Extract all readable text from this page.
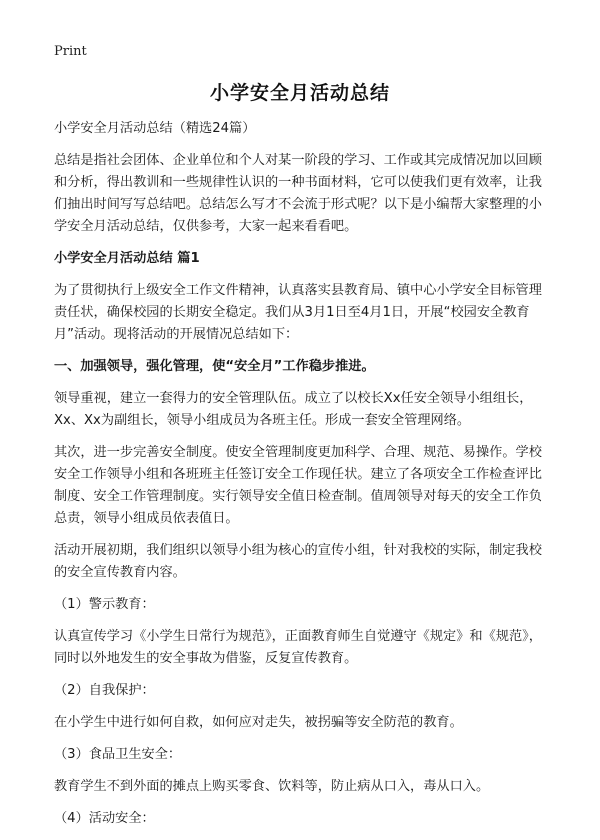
Print
小学安全月活动总结

小学安全月活动总结（精选24篇）

总结是指社会团体、企业单位和个人对某一阶段的学习、工作或其完成情况加以回顾和分析，得出教训和一些规律性认识的一种书面材料，它可以使我们更有效率，让我们抽出时间写写总结吧。总结怎么写才不会流于形式呢？以下是小编帮大家整理的小学安全月活动总结，仅供参考，大家一起来看看吧。

小学安全月活动总结 篇1

为了贯彻执行上级安全工作文件精神，认真落实县教育局、镇中心小学安全目标管理责任状，确保校园的长期安全稳定。我们从3月1日至4月1日，开展“校园安全教育月”活动。现将活动的开展情况总结如下：

一、加强领导，强化管理，使“安全月”工作稳步推进。

领导重视，建立一套得力的安全管理队伍。成立了以校长Xx任安全领导小组组长，Xx、Xx为副组长，领导小组成员为各班主任。形成一套安全管理网络。

其次，进一步完善安全制度。使安全管理制度更加科学、合理、规范、易操作。学校安全工作领导小组和各班班主任签订安全工作现任状。建立了各项安全工作检查评比制度、安全工作管理制度。实行领导安全值日检查制。值周领导对每天的安全工作负总责，领导小组成员依表值日。

活动开展初期，我们组织以领导小组为核心的宣传小组，针对我校的实际，制定我校的安全宣传教育内容。

（1）警示教育：

认真宣传学习《小学生日常行为规范》，正面教育师生自觉遵守《规定》和《规范》，同时以外地发生的安全事故为借鉴，反复宣传教育。

（2）自我保护：

在小学生中进行如何自救，如何应对走失，被拐骗等安全防范的教育。

（3）食品卫生安全：

教育学生不到外面的摊点上购买零食、饮料等，防止病从口入，毒从口入。

（4）活动安全：
